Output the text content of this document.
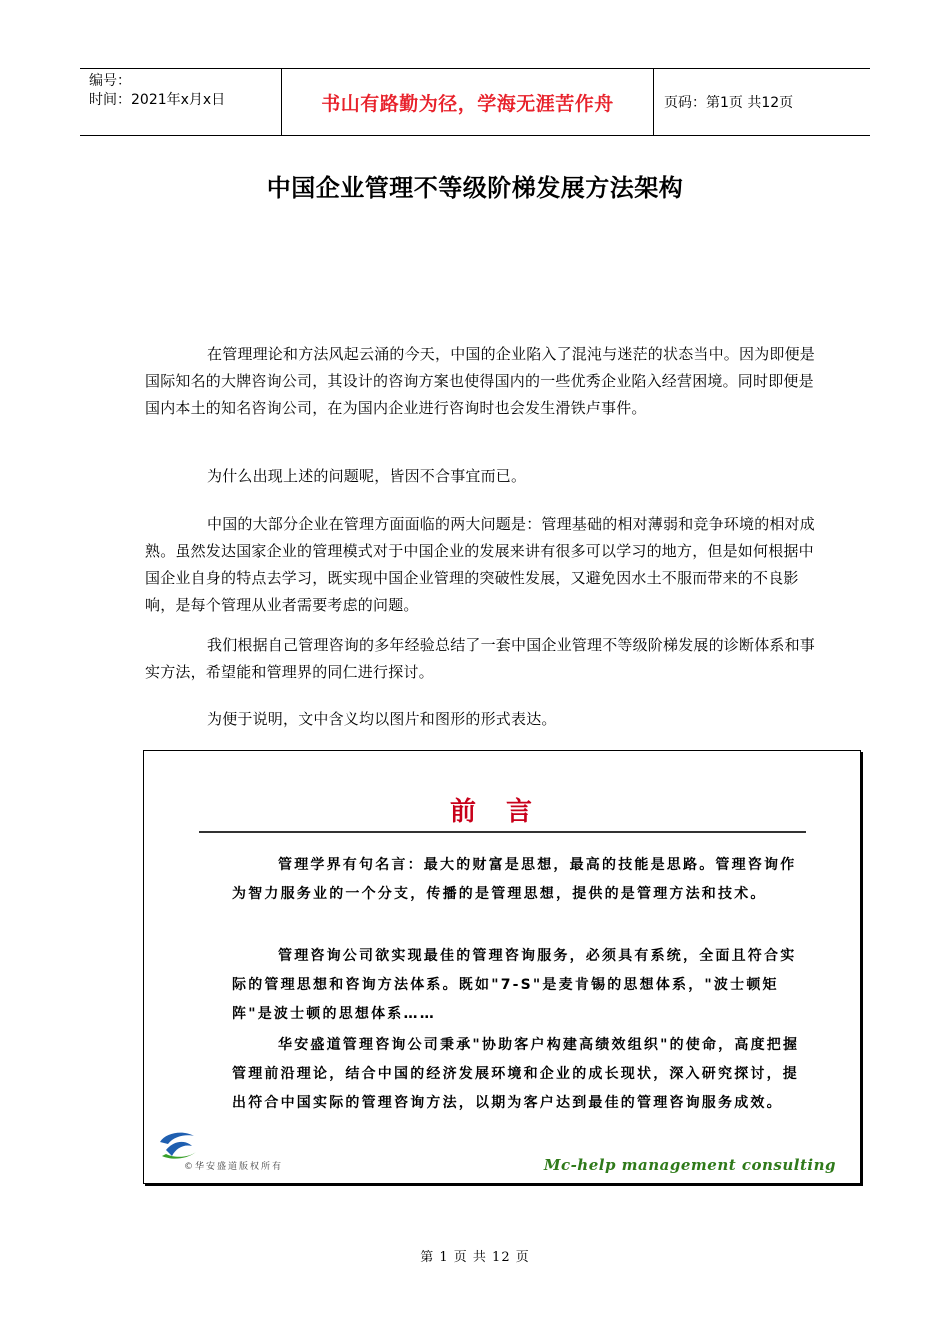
编号：
时间：2021年x月x日	书山有路勤为径，学海无涯苦作舟	页码：第1页 共12页
中国企业管理不等级阶梯发展方法架构

在管理理论和方法风起云涌的今天，中国的企业陷入了混沌与迷茫的状态当中。因为即便是国际知名的大牌咨询公司，其设计的咨询方案也使得国内的一些优秀企业陷入经营困境。同时即便是国内本土的知名咨询公司，在为国内企业进行咨询时也会发生滑铁卢事件。

为什么出现上述的问题呢，皆因不合事宜而已。

中国的大部分企业在管理方面面临的两大问题是：管理基础的相对薄弱和竞争环境的相对成熟。虽然发达国家企业的管理模式对于中国企业的发展来讲有很多可以学习的地方，但是如何根据中国企业自身的特点去学习，既实现中国企业管理的突破性发展，又避免因水土不服而带来的不良影响，是每个管理从业者需要考虑的问题。

我们根据自己管理咨询的多年经验总结了一套中国企业管理不等级阶梯发展的诊断体系和事实方法，希望能和管理界的同仁进行探讨。

为便于说明，文中含义均以图片和图形的形式表达。

前言

管理学界有句名言：最大的财富是思想，最高的技能是思路。管理咨询作为智力服务业的一个分支，传播的是管理思想，提供的是管理方法和技术。

管理咨询公司欲实现最佳的管理咨询服务，必须具有系统，全面且符合实际的管理思想和咨询方法体系。既如"7-S"是麦肯锡的思想体系，"波士顿矩阵"是波士顿的思想体系……

华安盛道管理咨询公司秉承"协助客户构建高绩效组织"的使命，高度把握管理前沿理论，结合中国的经济发展环境和企业的成长现状，深入研究探讨，提出符合中国实际的管理咨询方法，以期为客户达到最佳的管理咨询服务成效。

©华安盛道版权所有	Mc-help management consulting
第 1 页 共 12 页
